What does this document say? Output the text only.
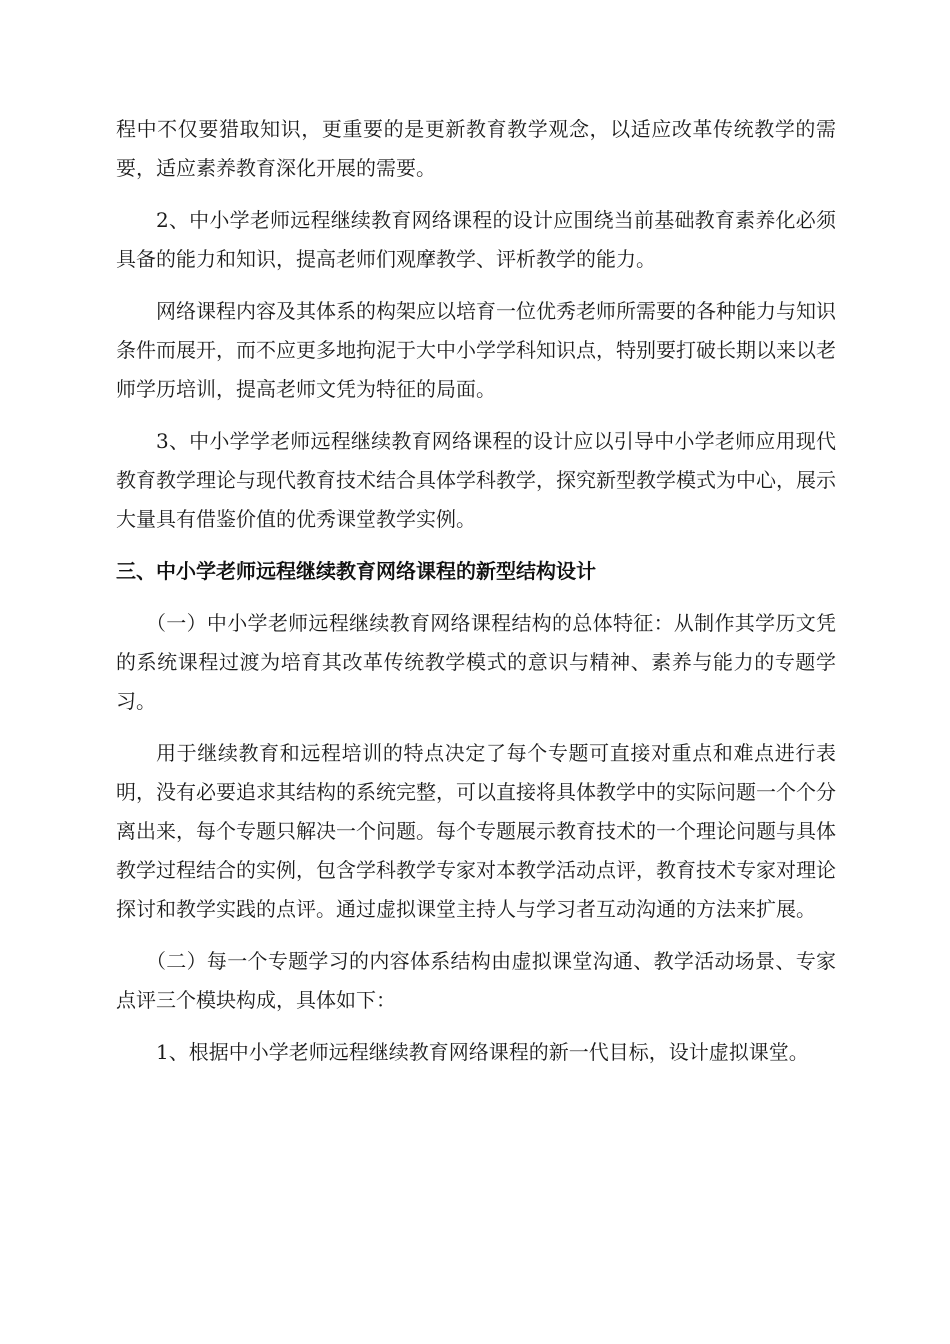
程中不仅要猎取知识，更重要的是更新教育教学观念，以适应改革传统教学的需要，适应素养教育深化开展的需要。

2、中小学老师远程继续教育网络课程的设计应围绕当前基础教育素养化必须具备的能力和知识，提高老师们观摩教学、评析教学的能力。

网络课程内容及其体系的构架应以培育一位优秀老师所需要的各种能力与知识条件而展开，而不应更多地拘泥于大中小学学科知识点，特别要打破长期以来以老师学历培训，提高老师文凭为特征的局面。

3、中小学学老师远程继续教育网络课程的设计应以引导中小学老师应用现代教育教学理论与现代教育技术结合具体学科教学，探究新型教学模式为中心，展示大量具有借鉴价值的优秀课堂教学实例。

三、中小学老师远程继续教育网络课程的新型结构设计

（一）中小学老师远程继续教育网络课程结构的总体特征：从制作其学历文凭的系统课程过渡为培育其改革传统教学模式的意识与精神、素养与能力的专题学习。

用于继续教育和远程培训的特点决定了每个专题可直接对重点和难点进行表明，没有必要追求其结构的系统完整，可以直接将具体教学中的实际问题一个个分离出来，每个专题只解决一个问题。每个专题展示教育技术的一个理论问题与具体教学过程结合的实例，包含学科教学专家对本教学活动点评，教育技术专家对理论探讨和教学实践的点评。通过虚拟课堂主持人与学习者互动沟通的方法来扩展。

（二）每一个专题学习的内容体系结构由虚拟课堂沟通、教学活动场景、专家点评三个模块构成，具体如下：

1、根据中小学老师远程继续教育网络课程的新一代目标，设计虚拟课堂。
